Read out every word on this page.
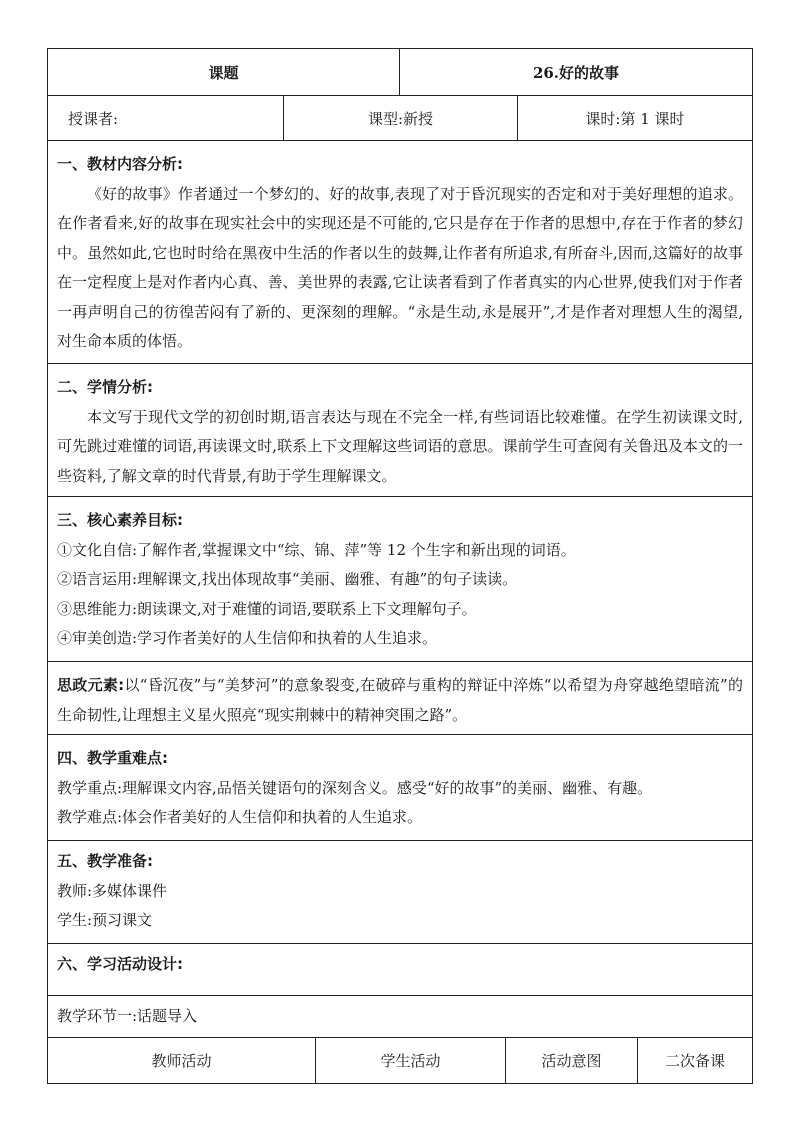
课题	26.好的故事
授课者:	课型:新授	课时:第 1 课时
一、教材内容分析:

《好的故事》作者通过一个梦幻的、好的故事,表现了对于昏沉现实的否定和对于美好理想的追求。在作者看来,好的故事在现实社会中的实现还是不可能的,它只是存在于作者的思想中,存在于作者的梦幻中。虽然如此,它也时时给在黑夜中生活的作者以生的鼓舞,让作者有所追求,有所奋斗,因而,这篇好的故事在一定程度上是对作者内心真、善、美世界的表露,它让读者看到了作者真实的内心世界,使我们对于作者一再声明自己的彷徨苦闷有了新的、更深刻的理解。“永是生动,永是展开”,才是作者对理想人生的渴望,对生命本质的体悟。

二、学情分析:

本文写于现代文学的初创时期,语言表达与现在不完全一样,有些词语比较难懂。在学生初读课文时,可先跳过难懂的词语,再读课文时,联系上下文理解这些词语的意思。课前学生可查阅有关鲁迅及本文的一些资料,了解文章的时代背景,有助于学生理解课文。

三、核心素养目标:

①文化自信:了解作者,掌握课文中“综、锦、萍”等 12 个生字和新出现的词语。

②语言运用:理解课文,找出体现故事“美丽、幽雅、有趣”的句子读读。

③思维能力:朗读课文,对于难懂的词语,要联系上下文理解句子。

④审美创造:学习作者美好的人生信仰和执着的人生追求。

思政元素:以“昏沉夜”与“美梦河”的意象裂变,在破碎与重构的辩证中淬炼“以希望为舟穿越绝望暗流”的生命韧性,让理想主义星火照亮“现实荆棘中的精神突围之路”。

四、教学重难点:

教学重点:理解课文内容,品悟关键语句的深刻含义。感受“好的故事”的美丽、幽雅、有趣。

教学难点:体会作者美好的人生信仰和执着的人生追求。

五、教学准备:

教师:多媒体课件

学生:预习课文

六、学习活动设计:

教学环节一:话题导入

教师活动	学生活动	活动意图	二次备课
